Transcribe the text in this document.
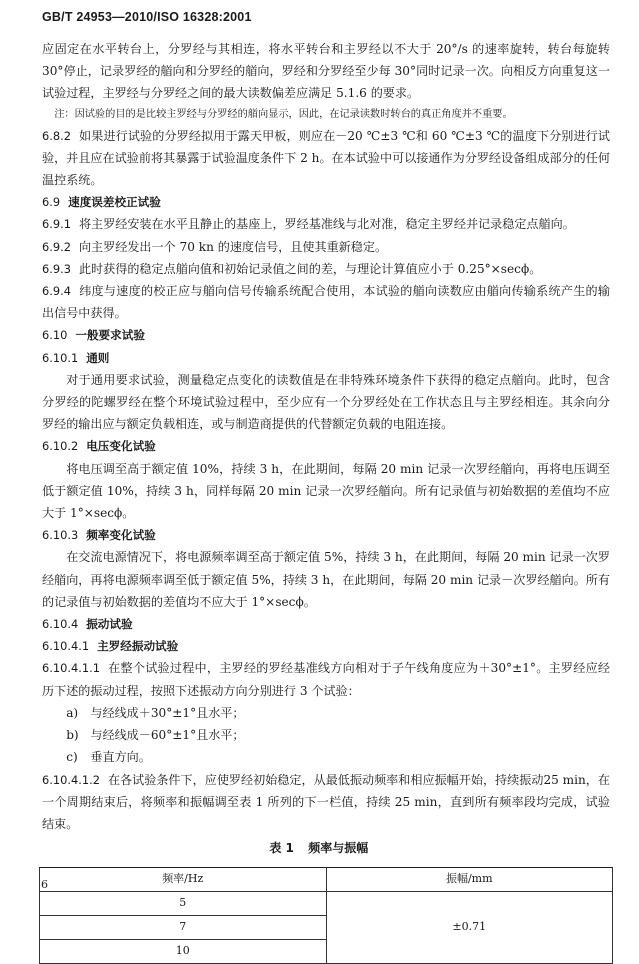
GB/T 24953—2010/ISO 16328:2001

应固定在水平转台上，分罗经与其相连，将水平转台和主罗经以不大于 20°/s 的速率旋转，转台每旋转 30°停止，记录罗经的艏向和分罗经的艏向，罗经和分罗经至少每 30°同时记录一次。向相反方向重复这一试验过程，主罗经与分罗经之间的最大读数偏差应满足 5.1.6 的要求。

注：因试验的目的是比较主罗经与分罗经的艏向显示，因此，在记录读数时转台的真正角度并不重要。

6.8.2 如果进行试验的分罗经拟用于露天甲板，则应在－20 ℃±3 ℃和 60 ℃±3 ℃的温度下分别进行试验，并且应在试验前将其暴露于试验温度条件下 2 h。在本试验中可以接通作为分罗经设备组成部分的任何温控系统。

6.9 速度误差校正试验

6.9.1 将主罗经安装在水平且静止的基座上，罗经基准线与北对准，稳定主罗经并记录稳定点艏向。

6.9.2 向主罗经发出一个 70 kn 的速度信号，且使其重新稳定。

6.9.3 此时获得的稳定点艏向值和初始记录值之间的差，与理论计算值应小于 0.25°×secϕ。

6.9.4 纬度与速度的校正应与艏向信号传输系统配合使用，本试验的艏向读数应由艏向传输系统产生的输出信号中获得。

6.10 一般要求试验

6.10.1 通则

对于通用要求试验，测量稳定点变化的读数值是在非特殊环境条件下获得的稳定点艏向。此时，包含分罗经的陀螺罗经在整个环境试验过程中，至少应有一个分罗经处在工作状态且与主罗经相连。其余向分罗经的输出应与额定负载相连，或与制造商提供的代替额定负载的电阻连接。

6.10.2 电压变化试验

将电压调至高于额定值 10%，持续 3 h，在此期间，每隔 20 min 记录一次罗经艏向，再将电压调至低于额定值 10%，持续 3 h，同样每隔 20 min 记录一次罗经艏向。所有记录值与初始数据的差值均不应大于 1°×secϕ。

6.10.3 频率变化试验

在交流电源情况下，将电源频率调至高于额定值 5%，持续 3 h，在此期间，每隔 20 min 记录一次罗经艏向，再将电源频率调至低于额定值 5%，持续 3 h，在此期间，每隔 20 min 记录－次罗经艏向。所有的记录值与初始数据的差值均不应大于 1°×secϕ。

6.10.4 振动试验

6.10.4.1 主罗经振动试验

6.10.4.1.1 在整个试验过程中，主罗经的罗经基准线方向相对于子午线角度应为＋30°±1°。主罗经应经历下述的振动过程，按照下述振动方向分别进行 3 个试验：

a) 与经线成＋30°±1°且水平；

b) 与经线成－60°±1°且水平；

c) 垂直方向。

6.10.4.1.2 在各试验条件下，应使罗经初始稳定，从最低振动频率和相应振幅开始，持续振动25 min，在一个周期结束后，将频率和振幅调至表 1 所列的下一栏值，持续 25 min，直到所有频率段均完成，试验结束。

表 1 频率与振幅
频率/Hz	振幅/mm
5	±0.71
7	
10	
6
